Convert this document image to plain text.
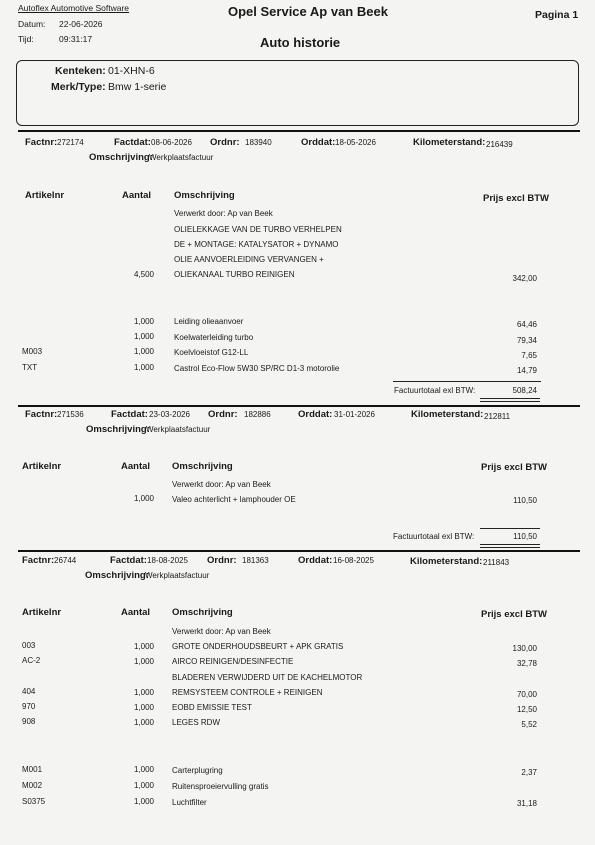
Autoflex Automotive Software
Datum: 22-06-2026
Tijd:	09:31:17
Opel Service Ap van Beek
Auto historie
Pagina 1
Kenteken: 01-XHN-6
Merk/Type: Bmw 1-serie
Factnr: 272174	Factdat: 08-06-2026 Ordnr: 183940	Orddat: 18-05-2026	Kilometerstand: 216439
Omschrijving:
Werkplaatsfactuur
Artikelnr	Aantal Omschrijving	Prijs excl BTW
Verwerkt door: Ap van Beek
OLIELEKKAGE VAN DE TURBO VERHELPEN
DE + MONTAGE: KATALYSATOR + DYNAMO
OLIE AANVOERLEIDING VERVANGEN +
4,500	OLIEKANAAL TURBO REINIGEN	342,00
1,000	Leiding olieaanvoer	64,46
1,000	Koelwaterleiding turbo	79,34
M003	1,000	Koelvloeistof G12-LL	7,65
TXT	1,000	Castrol Eco-Flow 5W30 SP/RC D1-3 motorolie	14,79
Factuurtotaal exl BTW:	508,24
Factnr: 271536	Factdat: 23-03-2026 Ordnr: 182886	Orddat: 31-01-2026	Kilometerstand: 212811
Omschrijving:
Werkplaatsfactuur
Artikelnr	Aantal Omschrijving	Prijs excl BTW
Verwerkt door: Ap van Beek
1,000 Valeo achterlicht + lamphouder OE	110,50
Factuurtotaal exl BTW:	110,50
Factnr: 26744	Factdat: 18-08-2025 Ordnr: 181363	Orddat: 16-08-2025	Kilometerstand: 211843
Omschrijving:
Werkplaatsfactuur
Artikelnr	Aantal Omschrijving	Prijs excl BTW
Verwerkt door: Ap van Beek
003	1,000 GROTE ONDERHOUDSBEURT + APK GRATIS	130,00
AC-2	1,000 AIRCO REINIGEN/DESINFECTIE	32,78
BLADEREN VERWIJDERD UIT DE KACHELMOTOR
404	1,000 REMSYSTEEM CONTROLE + REINIGEN	70,00
970	1,000 EOBD EMISSIE TEST	12,50
908	1,000 LEGES RDW	5,52
M001	1,000 Carterplugring	2,37
M002	1,000 Ruitensproeiervulling gratis
S0375	1,000 Luchtfilter	31,18
